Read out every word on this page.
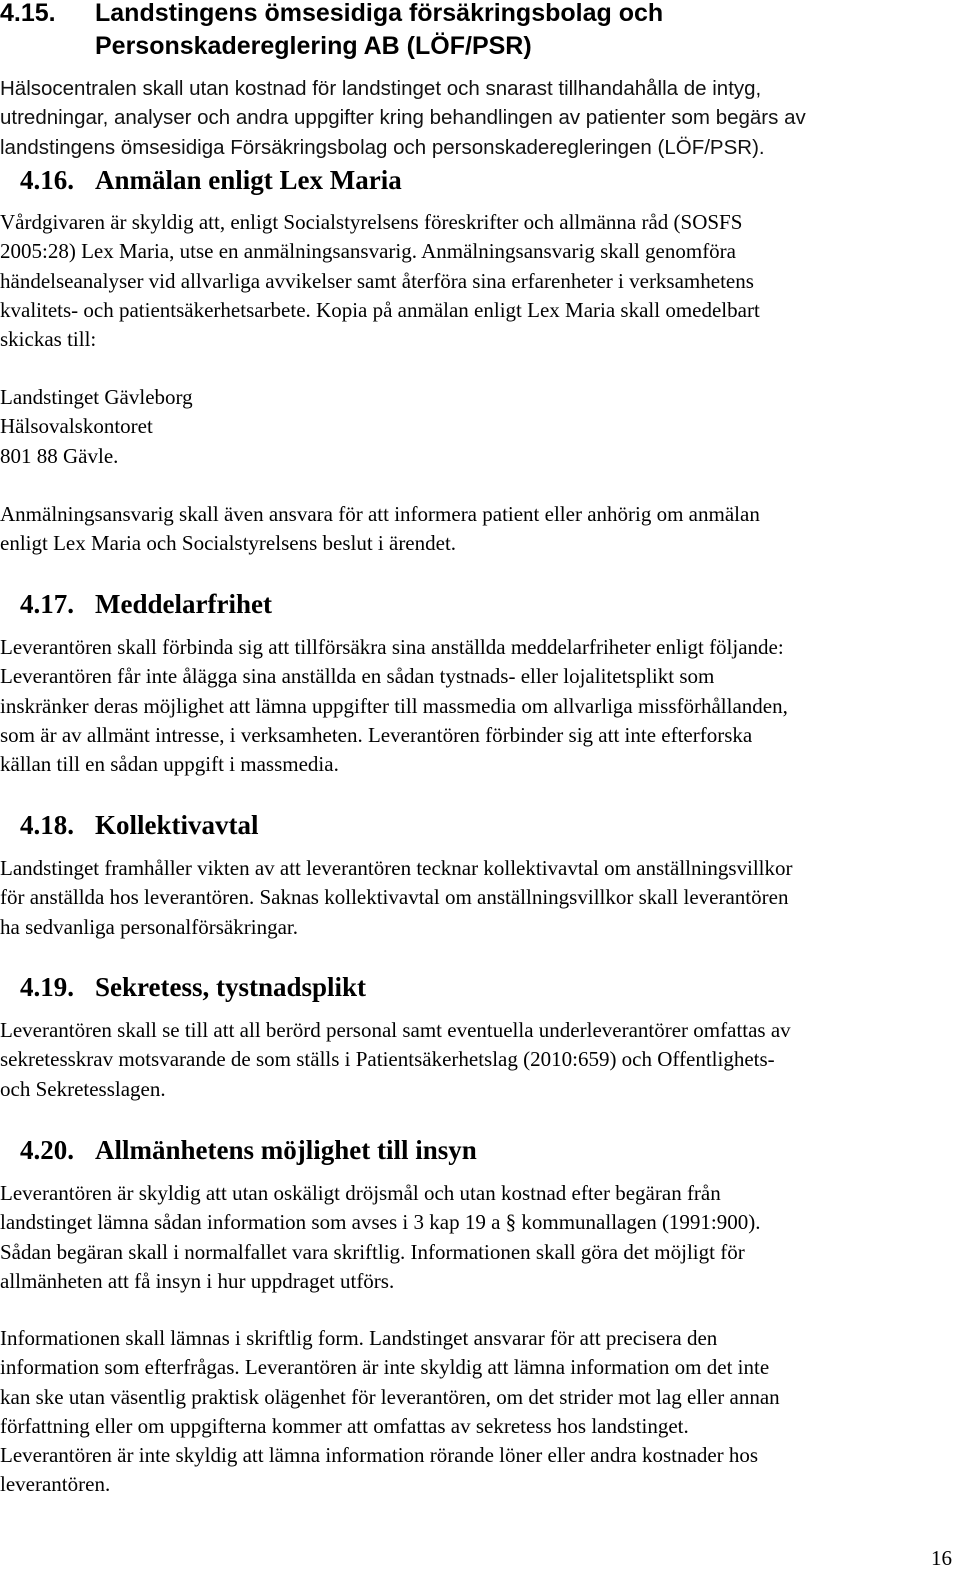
4.15. Landstingens ömsesidiga försäkringsbolag och
Personskadereglering AB (LÖF/PSR)
Hälsocentralen skall utan kostnad för landstinget och snarast tillhandahålla de intyg,
utredningar, analyser och andra uppgifter kring behandlingen av patienter som begärs av
landstingens ömsesidiga Försäkringsbolag och personskaderegleringen (LÖF/PSR).
4.16. Anmälan enligt Lex Maria
Vårdgivaren är skyldig att, enligt Socialstyrelsens föreskrifter och allmänna råd (SOSFS
2005:28) Lex Maria, utse en anmälningsansvarig. Anmälningsansvarig skall genomföra
händelseanalyser vid allvarliga avvikelser samt återföra sina erfarenheter i verksamhetens
kvalitets- och patientsäkerhetsarbete. Kopia på anmälan enligt Lex Maria skall omedelbart
skickas till:
Landstinget Gävleborg
Hälsovalskontoret
801 88 Gävle.
Anmälningsansvarig skall även ansvara för att informera patient eller anhörig om anmälan
enligt Lex Maria och Socialstyrelsens beslut i ärendet.
4.17. Meddelarfrihet
Leverantören skall förbinda sig att tillförsäkra sina anställda meddelarfriheter enligt följande:
Leverantören får inte ålägga sina anställda en sådan tystnads- eller lojalitetsplikt som
inskränker deras möjlighet att lämna uppgifter till massmedia om allvarliga missförhållanden,
som är av allmänt intresse, i verksamheten. Leverantören förbinder sig att inte efterforska
källan till en sådan uppgift i massmedia.
4.18. Kollektivavtal
Landstinget framhåller vikten av att leverantören tecknar kollektivavtal om anställningsvillkor
för anställda hos leverantören. Saknas kollektivavtal om anställningsvillkor skall leverantören
ha sedvanliga personalförsäkringar.
4.19. Sekretess, tystnadsplikt
Leverantören skall se till att all berörd personal samt eventuella underleverantörer omfattas av
sekretesskrav motsvarande de som ställs i Patientsäkerhetslag (2010:659) och Offentlighets-
och Sekretesslagen.
4.20. Allmänhetens möjlighet till insyn
Leverantören är skyldig att utan oskäligt dröjsmål och utan kostnad efter begäran från
landstinget lämna sådan information som avses i 3 kap 19 a § kommunallagen (1991:900).
Sådan begäran skall i normalfallet vara skriftlig. Informationen skall göra det möjligt för
allmänheten att få insyn i hur uppdraget utförs.
Informationen skall lämnas i skriftlig form. Landstinget ansvarar för att precisera den
information som efterfrågas. Leverantören är inte skyldig att lämna information om det inte
kan ske utan väsentlig praktisk olägenhet för leverantören, om det strider mot lag eller annan
författning eller om uppgifterna kommer att omfattas av sekretess hos landstinget.
Leverantören är inte skyldig att lämna information rörande löner eller andra kostnader hos
leverantören.
16
